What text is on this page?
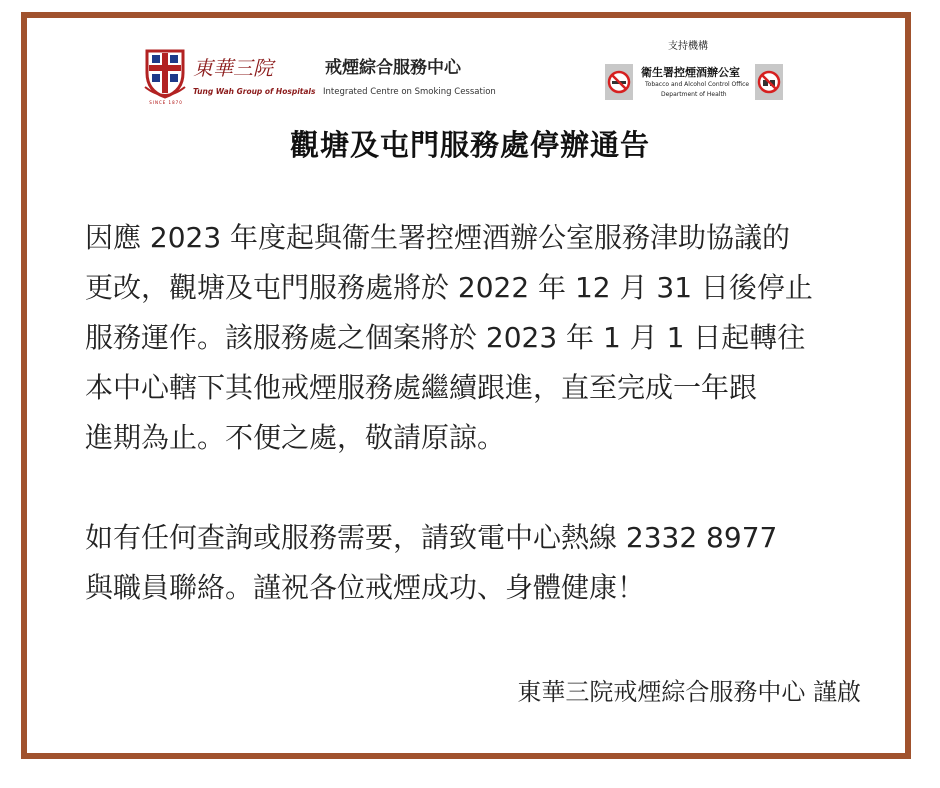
SINCE 1870
東華三院
Tung Wah Group of Hospitals
戒煙綜合服務中心
Integrated Centre on Smoking Cessation
支持機構
衛生署控煙酒辦公室
Tobacco and Alcohol Control Office
Department of Health
觀塘及屯門服務處停辦通告
因應 2023 年度起與衞生署控煙酒辦公室服務津助協議的
更改，觀塘及屯門服務處將於 2022 年 12 月 31 日後停止
服務運作。該服務處之個案將於 2023 年 1 月 1 日起轉往
本中心轄下其他戒煙服務處繼續跟進，直至完成一年跟
進期為止。不便之處，敬請原諒。
如有任何查詢或服務需要，請致電中心熱線 2332 8977
與職員聯絡。謹祝各位戒煙成功、身體健康！
東華三院戒煙綜合服務中心 謹啟
